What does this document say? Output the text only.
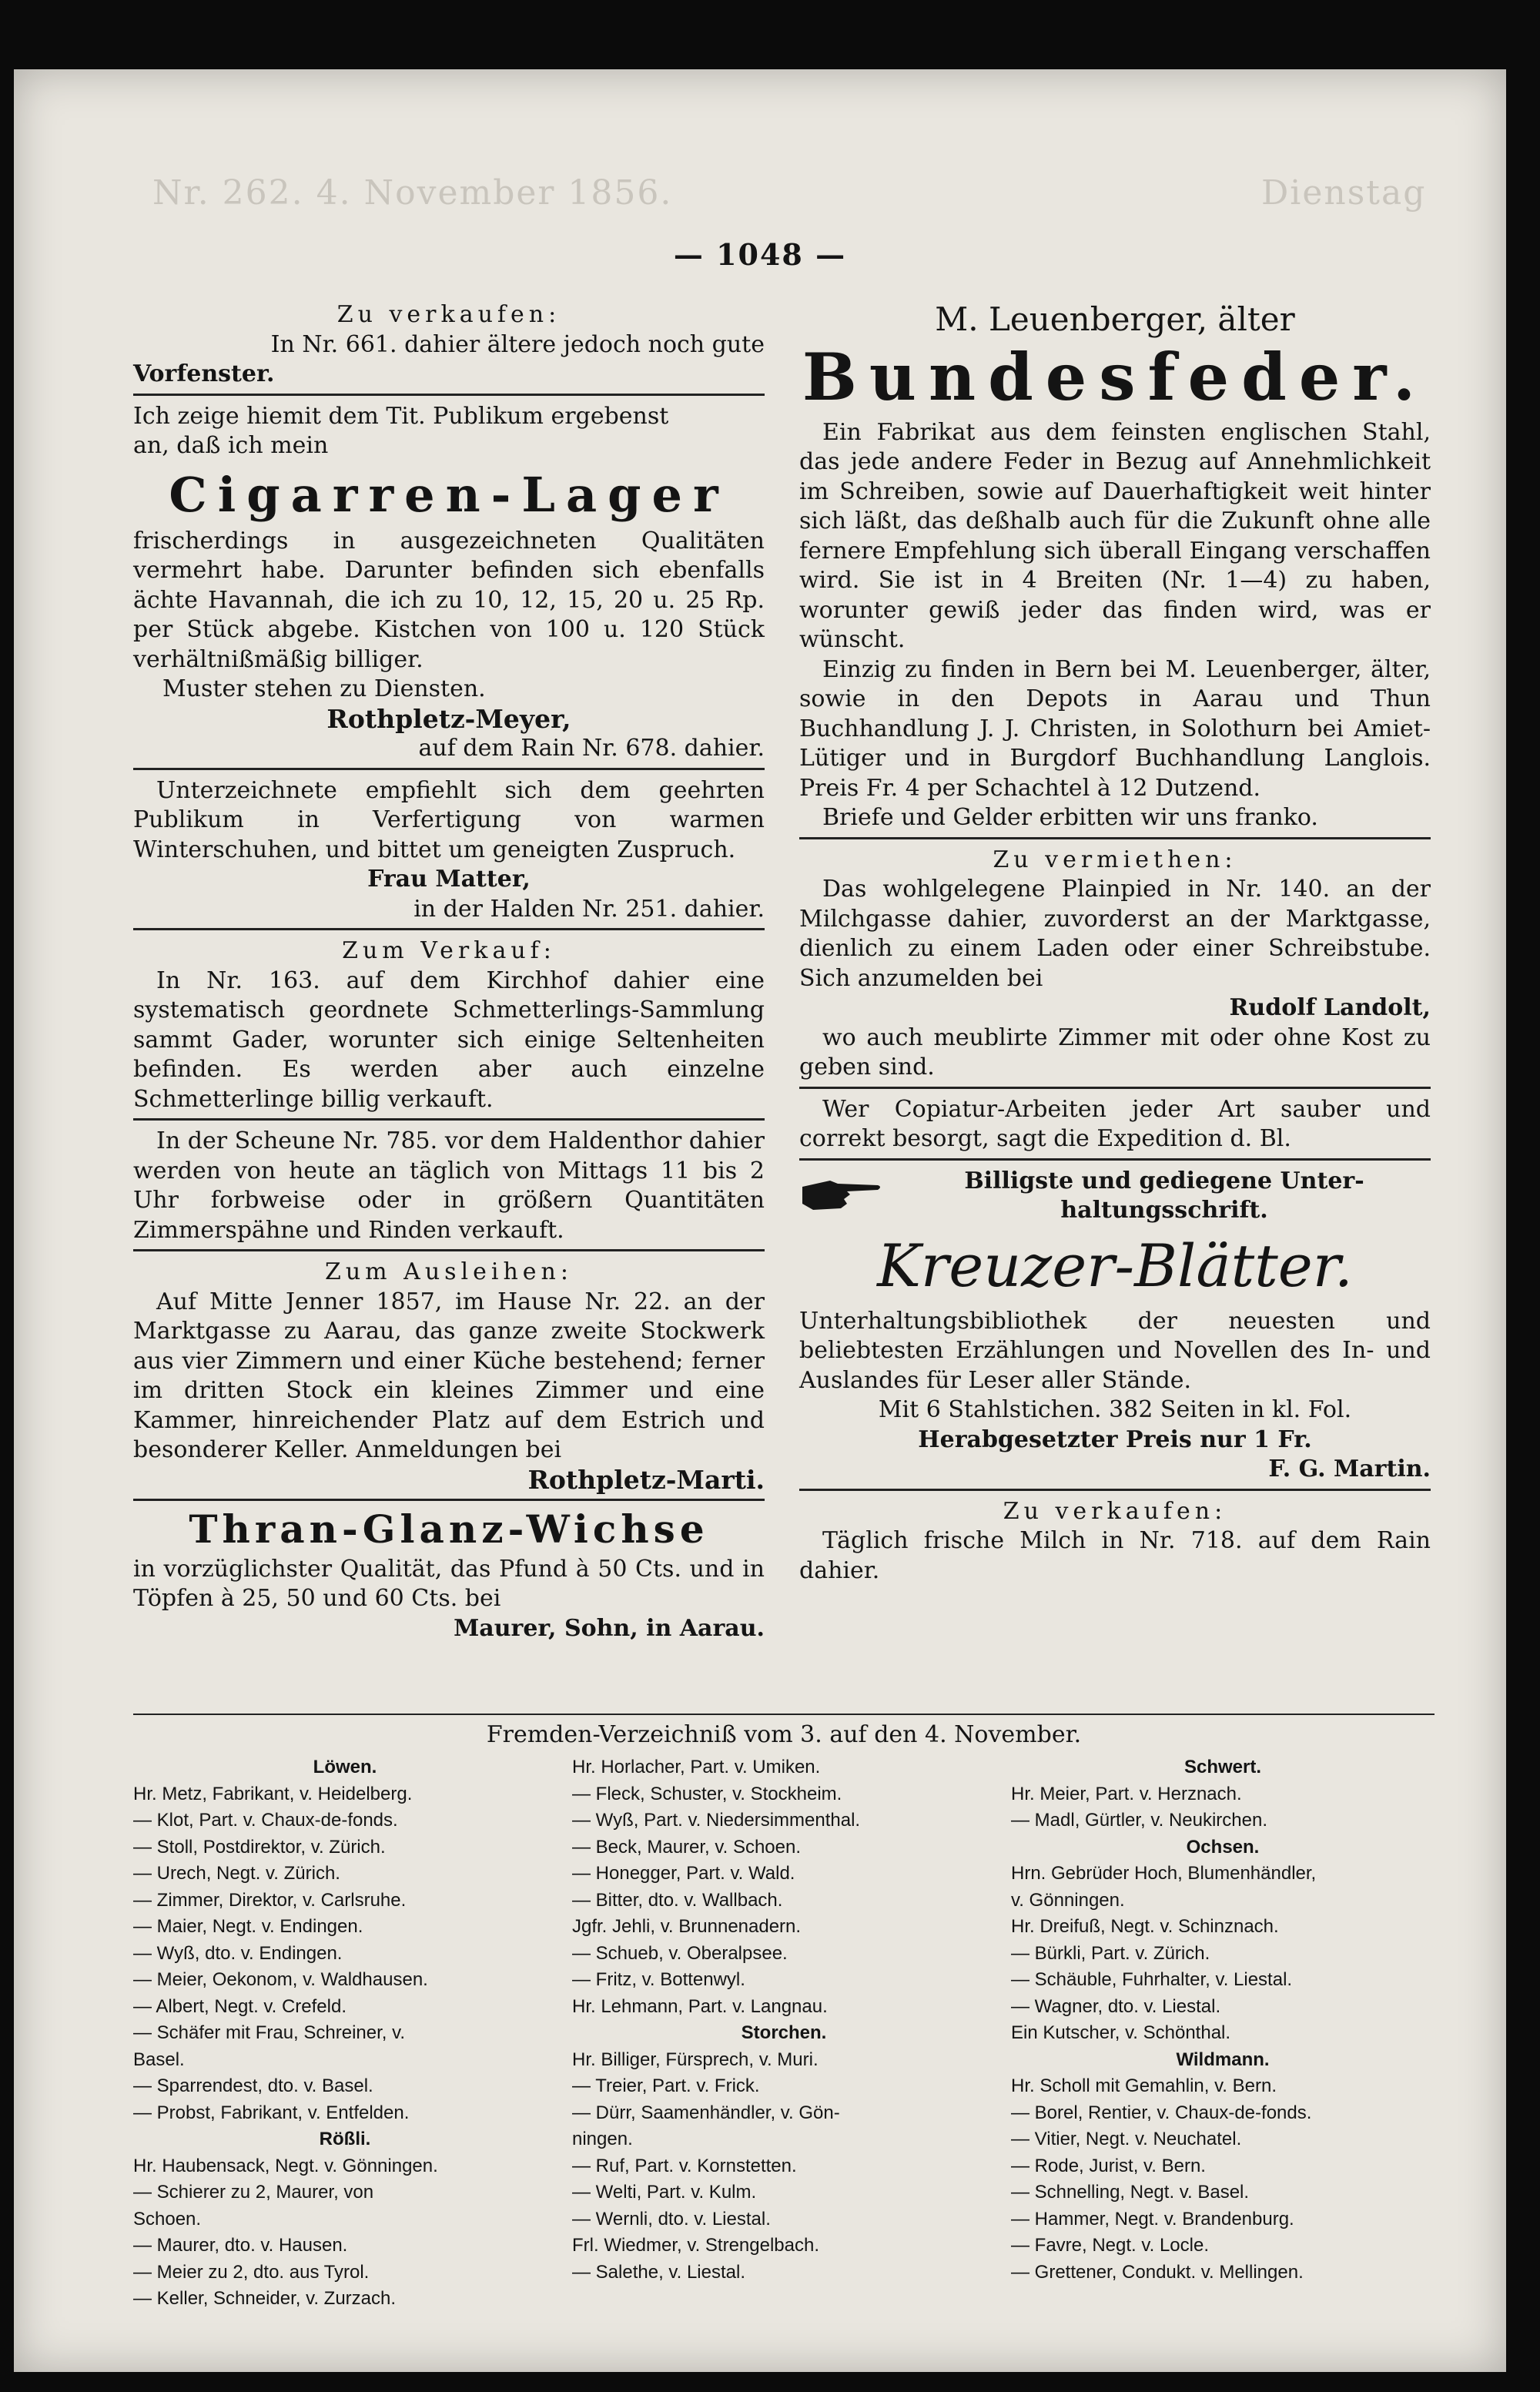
Dienstag
Nr. 262. 4. November 1856.
— 1048 —

Zu verkaufen:

In Nr. 661. dahier ältere jedoch noch gute

Vorfenster.

Ich zeige hiemit dem Tit. Publikum ergebenst

an, daß ich mein

Cigarren-Lager

frischerdings in ausgezeichneten Qualitäten vermehrt habe. Darunter befinden sich ebenfalls ächte Havannah, die ich zu 10, 12, 15, 20 u. 25 Rp. per Stück abgebe. Kistchen von 100 u. 120 Stück verhältnißmäßig billiger.

Muster stehen zu Diensten.

Rothpletz-Meyer,

auf dem Rain Nr. 678. dahier.

Unterzeichnete empfiehlt sich dem geehrten Publikum in Verfertigung von warmen Winterschuhen, und bittet um geneigten Zuspruch.

Frau Matter,

in der Halden Nr. 251. dahier.

Zum Verkauf:

In Nr. 163. auf dem Kirchhof dahier eine systematisch geordnete Schmetterlings-Sammlung sammt Gader, worunter sich einige Seltenheiten befinden. Es werden aber auch einzelne Schmetterlinge billig verkauft.

In der Scheune Nr. 785. vor dem Haldenthor dahier werden von heute an täglich von Mittags 11 bis 2 Uhr forbweise oder in größern Quantitäten Zimmerspähne und Rinden verkauft.

Zum Ausleihen:

Auf Mitte Jenner 1857, im Hause Nr. 22. an der Marktgasse zu Aarau, das ganze zweite Stockwerk aus vier Zimmern und einer Küche bestehend; ferner im dritten Stock ein kleines Zimmer und eine Kammer, hinreichender Platz auf dem Estrich und besonderer Keller. Anmeldungen bei

Rothpletz-Marti.

Thran-Glanz-Wichse

in vorzüglichster Qualität, das Pfund à 50 Cts. und in Töpfen à 25, 50 und 60 Cts. bei

Maurer, Sohn, in Aarau.

M. Leuenberger, älter

Bundesfeder.

Ein Fabrikat aus dem feinsten englischen Stahl, das jede andere Feder in Bezug auf Annehmlichkeit im Schreiben, sowie auf Dauerhaftigkeit weit hinter sich läßt, das deßhalb auch für die Zukunft ohne alle fernere Empfehlung sich überall Eingang verschaffen wird. Sie ist in 4 Breiten (Nr. 1—4) zu haben, worunter gewiß jeder das finden wird, was er wünscht.

Einzig zu finden in Bern bei M. Leuenberger, älter, sowie in den Depots in Aarau und Thun Buchhandlung J. J. Christen, in Solothurn bei Amiet-Lütiger und in Burgdorf Buchhandlung Langlois. Preis Fr. 4 per Schachtel à 12 Dutzend.

Briefe und Gelder erbitten wir uns franko.

Zu vermiethen:

Das wohlgelegene Plainpied in Nr. 140. an der Milchgasse dahier, zuvorderst an der Marktgasse, dienlich zu einem Laden oder einer Schreibstube. Sich anzumelden bei

Rudolf Landolt,

wo auch meublirte Zimmer mit oder ohne Kost zu geben sind.

Wer Copiatur-Arbeiten jeder Art sauber und correkt besorgt, sagt die Expedition d. Bl.

Billigste und gediegene Unter-

haltungsschrift.

Kreuzer-Blätter.

Unterhaltungsbibliothek der neuesten und beliebtesten Erzählungen und Novellen des In- und Auslandes für Leser aller Stände.

Mit 6 Stahlstichen. 382 Seiten in kl. Fol.

Herabgesetzter Preis nur 1 Fr.

F. G. Martin.

Zu verkaufen:

Täglich frische Milch in Nr. 718. auf dem Rain dahier.

Fremden-Verzeichniß vom 3. auf den 4. November.

Löwen.

Hr. Metz, Fabrikant, v. Heidelberg.

— Klot, Part. v. Chaux-de-fonds.

— Stoll, Postdirektor, v. Zürich.

— Urech, Negt. v. Zürich.

— Zimmer, Direktor, v. Carlsruhe.

— Maier, Negt. v. Endingen.

— Wyß, dto. v. Endingen.

— Meier, Oekonom, v. Waldhausen.

— Albert, Negt. v. Crefeld.

— Schäfer mit Frau, Schreiner, v.

Basel.

— Sparrendest, dto. v. Basel.

— Probst, Fabrikant, v. Entfelden.

Rößli.

Hr. Haubensack, Negt. v. Gönningen.

— Schierer zu 2, Maurer, von

Schoen.

— Maurer, dto. v. Hausen.

— Meier zu 2, dto. aus Tyrol.

— Keller, Schneider, v. Zurzach.

Hr. Horlacher, Part. v. Umiken.

— Fleck, Schuster, v. Stockheim.

— Wyß, Part. v. Niedersimmenthal.

— Beck, Maurer, v. Schoen.

— Honegger, Part. v. Wald.

— Bitter, dto. v. Wallbach.

Jgfr. Jehli, v. Brunnenadern.

— Schueb, v. Oberalpsee.

— Fritz, v. Bottenwyl.

Hr. Lehmann, Part. v. Langnau.

Storchen.

Hr. Billiger, Fürsprech, v. Muri.

— Treier, Part. v. Frick.

— Dürr, Saamenhändler, v. Gön-

ningen.

— Ruf, Part. v. Kornstetten.

— Welti, Part. v. Kulm.

— Wernli, dto. v. Liestal.

Frl. Wiedmer, v. Strengelbach.

— Salethe, v. Liestal.

Schwert.

Hr. Meier, Part. v. Herznach.

— Madl, Gürtler, v. Neukirchen.

Ochsen.

Hrn. Gebrüder Hoch, Blumenhändler,

v. Gönningen.

Hr. Dreifuß, Negt. v. Schinznach.

— Bürkli, Part. v. Zürich.

— Schäuble, Fuhrhalter, v. Liestal.

— Wagner, dto. v. Liestal.

Ein Kutscher, v. Schönthal.

Wildmann.

Hr. Scholl mit Gemahlin, v. Bern.

— Borel, Rentier, v. Chaux-de-fonds.

— Vitier, Negt. v. Neuchatel.

— Rode, Jurist, v. Bern.

— Schnelling, Negt. v. Basel.

— Hammer, Negt. v. Brandenburg.

— Favre, Negt. v. Locle.

— Grettener, Condukt. v. Mellingen.
